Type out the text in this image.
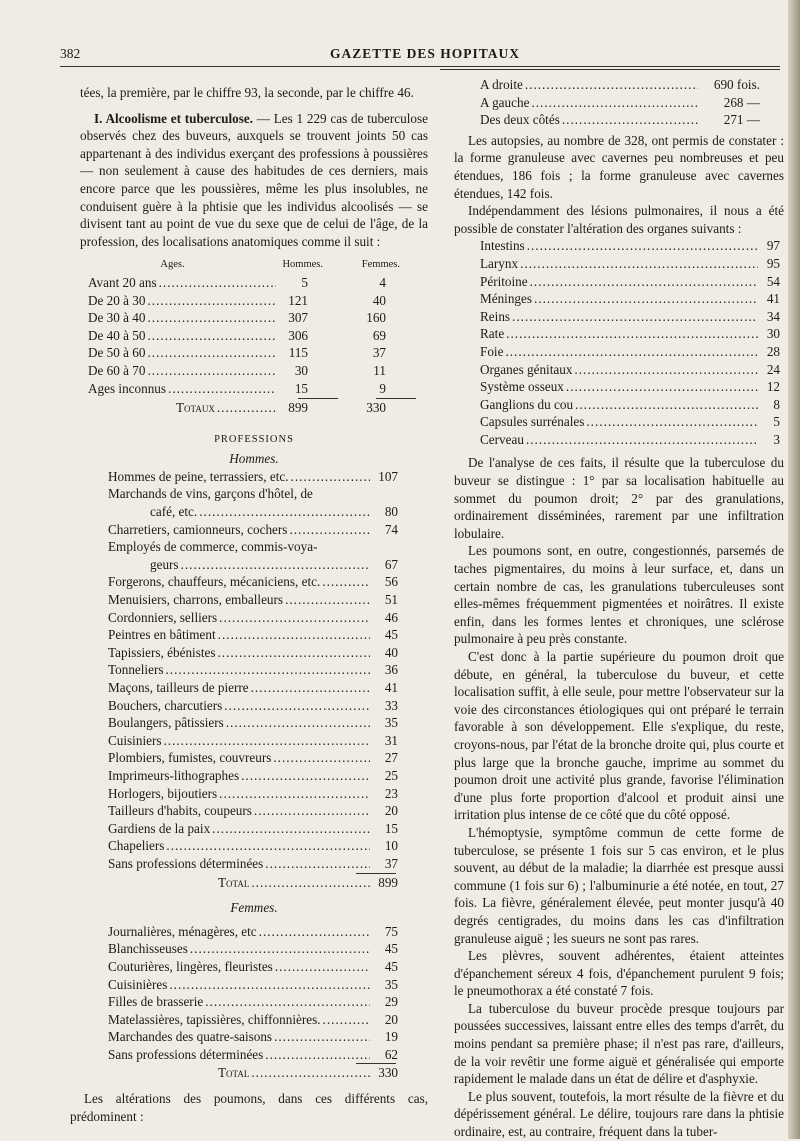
382	GAZETTE DES HOPITAUX

tées, la première, par le chiffre 93, la seconde, par le chiffre 46.

I. Alcoolisme et tuberculose. — Les 1 229 cas de tuberculose observés chez des buveurs, auxquels se trouvent joints 50 cas appartenant à des individus exerçant des professions à poussières — non seulement à cause des habitudes de ces derniers, mais encore parce que les poussières, même les plus insolubles, ne conduisent guère à la phtisie que les individus alcoolisés — se divisent tant au point de vue du sexe que de celui de l'âge, de la profession, des localisations anatomiques comme il suit :

Ages.	Hommes.	Femmes.
Avant 20 ans .....	5	4
De 20 à 30 .....	121	40
De 30 à 40 .....	307	160
De 40 à 50 .....	306	69
De 50 à 60 .....	115	37
De 60 à 70 .....	30	11
Ages inconnus .....	15	9
Totaux .....	899	330
PROFESSIONS
Hommes.
Hommes de peine, terrassiers, etc. .....	107
Marchands de vins, garçons d'hôtel, de
café, etc. .....	80
Charretiers, camionneurs, cochers .....	74
Employés de commerce, commis-voya-
geurs .....	67
Forgerons, chauffeurs, mécaniciens, etc. .....	56
Menuisiers, charrons, emballeurs .....	51
Cordonniers, selliers .....	46
Peintres en bâtiment .....	45
Tapissiers, ébénistes .....	40
Tonneliers .....	36
Maçons, tailleurs de pierre .....	41
Bouchers, charcutiers .....	33
Boulangers, pâtissiers .....	35
Cuisiniers .....	31
Plombiers, fumistes, couvreurs .....	27
Imprimeurs-lithographes .....	25
Horlogers, bijoutiers .....	23
Tailleurs d'habits, coupeurs .....	20
Gardiens de la paix .....	15
Chapeliers .....	10
Sans professions déterminées .....	37
Total .....	899
Femmes.
Journalières, ménagères, etc .....	75
Blanchisseuses .....	45
Couturières, lingères, fleuristes .....	45
Cuisinières .....	35
Filles de brasserie .....	29
Matelassières, tapissières, chiffonnières. .....	20
Marchandes des quatre-saisons .....	19
Sans professions déterminées .....	62
Total .....	330

Les altérations des poumons, dans ces différents cas, prédominent :

A droite .....	690 fois.
A gauche .....	268 —
Des deux côtés .....	271 —

Les autopsies, au nombre de 328, ont permis de constater : la forme granuleuse avec cavernes peu nombreuses et peu étendues, 186 fois ; la forme granuleuse avec cavernes étendues, 142 fois.

Indépendamment des lésions pulmonaires, il nous a été possible de constater l'altération des organes suivants :

Intestins .....	97
Larynx .....	95
Péritoine .....	54
Méninges .....	41
Reins .....	34
Rate .....	30
Foie .....	28
Organes génitaux .....	24
Système osseux .....	12
Ganglions du cou .....	8
Capsules surrénales .....	5
Cerveau .....	3

De l'analyse de ces faits, il résulte que la tuberculose du buveur se distingue : 1° par sa localisation habituelle au sommet du poumon droit; 2° par des granulations, ordinairement disséminées, rarement par une infiltration lobulaire.

Les poumons sont, en outre, congestionnés, parsemés de taches pigmentaires, du moins à leur surface, et, dans un certain nombre de cas, les granulations tuberculeuses sont elles-mêmes fréquemment pigmentées et noirâtres. Il existe enfin, dans les formes lentes et chroniques, une sclérose pulmonaire à peu près constante.

C'est donc à la partie supérieure du poumon droit que débute, en général, la tuberculose du buveur, et cette localisation suffit, à elle seule, pour mettre l'observateur sur la voie des circonstances étiologiques qui ont préparé le terrain favorable à son développement. Elle s'explique, du reste, croyons-nous, par l'état de la bronche droite qui, plus courte et plus large que la bronche gauche, imprime au sommet du poumon droit une activité plus grande, favorise l'élimination d'une plus forte proportion d'alcool et produit ainsi une irritation plus intense de ce côté que du côté opposé.

L'hémoptysie, symptôme commun de cette forme de tuberculose, se présente 1 fois sur 5 cas environ, et le plus souvent, au début de la maladie; la diarrhée est presque aussi commune (1 fois sur 6) ; l'albuminurie a été notée, en tout, 27 fois. La fièvre, généralement élevée, peut monter jusqu'à 40 degrés centigrades, du moins dans les cas d'infiltration granuleuse aiguë ; les sueurs ne sont pas rares.

Les plèvres, souvent adhérentes, étaient atteintes d'épanchement séreux 4 fois, d'épanchement purulent 9 fois; le pneumothorax a été constaté 7 fois.

La tuberculose du buveur procède presque toujours par poussées successives, laissant entre elles des temps d'arrêt, du moins pendant sa première phase; il n'est pas rare, d'ailleurs, de la voir revêtir une forme aiguë et généralisée qui emporte rapidement le malade dans un état de délire et d'asphyxie.

Le plus souvent, toutefois, la mort résulte de la fièvre et du dépérissement général. Le délire, toujours rare dans la phtisie ordinaire, est, au contraire, fréquent dans la tuber-
